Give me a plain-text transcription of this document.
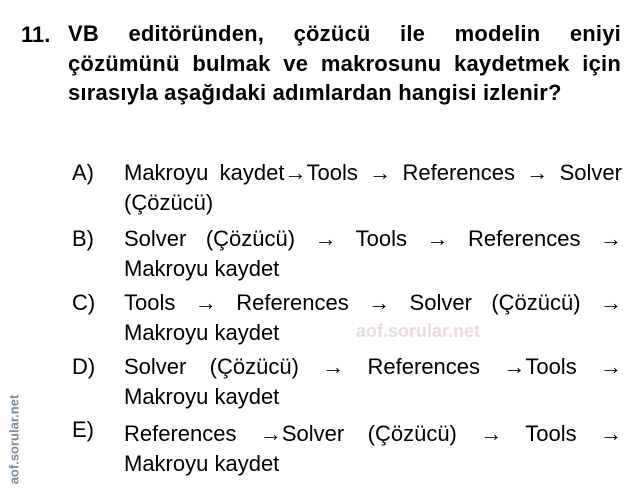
11. VB editöründen, çözücü ile modelin eniyi çözümünü bulmak ve makrosunu kaydetmek için sırasıyla aşağıdaki adımlardan hangisi izlenir?
A) Makroyu kaydet→Tools → References → Solver (Çözücü)
B) Solver (Çözücü) → Tools → References → Makroyu kaydet
C) Tools → References → Solver (Çözücü) → Makroyu kaydet
D) Solver (Çözücü) → References →Tools → Makroyu kaydet
E) References →Solver (Çözücü) → Tools → Makroyu kaydet
aof.sorular.net
aof.sorular.net
